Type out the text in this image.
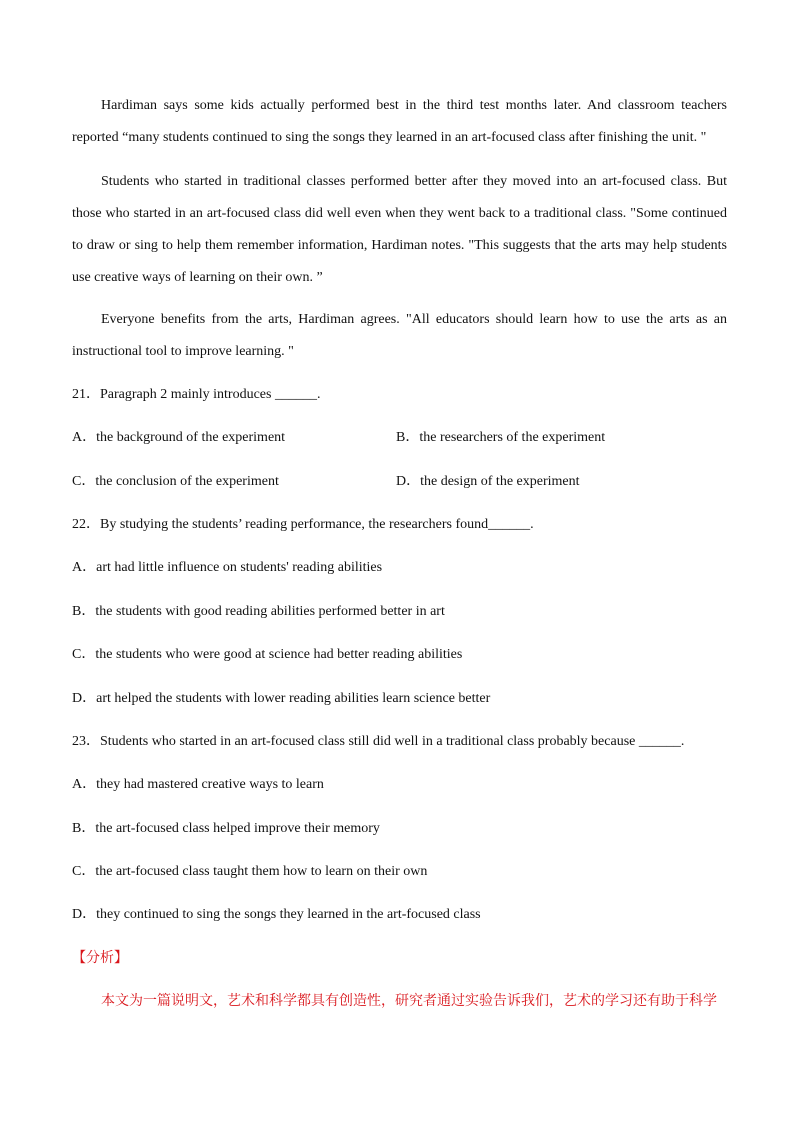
Hardiman says some kids actually performed best in the third test months later. And classroom teachers reported “many students continued to sing the songs they learned in an art-focused class after finishing the unit. "

Students who started in traditional classes performed better after they moved into an art-focused class. But those who started in an art-focused class did well even when they went back to a traditional class. "Some continued to draw or sing to help them remember information, Hardiman notes. "This suggests that the arts may help students use creative ways of learning on their own. ”

Everyone benefits from the arts, Hardiman agrees. "All educators should learn how to use the arts as an instructional tool to improve learning. "

21．Paragraph 2 mainly introduces ______.

A．the background of the experiment	B．the researchers of the experiment

C．the conclusion of the experiment	D．the design of the experiment

22．By studying the students’ reading performance, the researchers found______.

A．art had little influence on students' reading abilities

B．the students with good reading abilities performed better in art

C．the students who were good at science had better reading abilities

D．art helped the students with lower reading abilities learn science better

23．Students who started in an art-focused class still did well in a traditional class probably because ______.

A．they had mastered creative ways to learn

B．the art-focused class helped improve their memory

C．the art-focused class taught them how to learn on their own

D．they continued to sing the songs they learned in the art-focused class

【分析】

本文为一篇说明文，艺术和科学都具有创造性，研究者通过实验告诉我们，艺术的学习还有助于科学
